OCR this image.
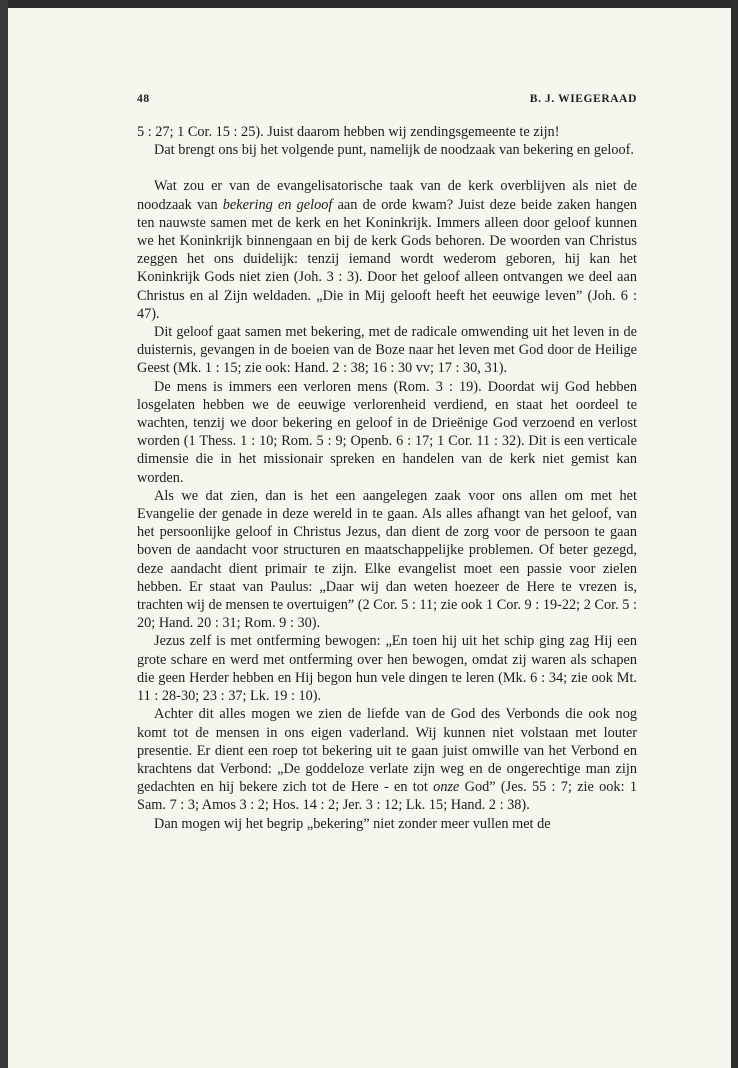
48	B. J. WIEGERAAD

5 : 27; 1 Cor. 15 : 25). Juist daarom hebben wij zendingsgemeente te zijn!

Dat brengt ons bij het volgende punt, namelijk de noodzaak van bekering en geloof.

Wat zou er van de evangelisatorische taak van de kerk overblijven als niet de noodzaak van bekering en geloof aan de orde kwam? Juist deze beide zaken hangen ten nauwste samen met de kerk en het Koninkrijk. Immers alleen door geloof kunnen we het Koninkrijk binnengaan en bij de kerk Gods behoren. De woorden van Christus zeggen het ons duidelijk: tenzij iemand wordt wederom geboren, hij kan het Koninkrijk Gods niet zien (Joh. 3 : 3). Door het geloof alleen ontvangen we deel aan Christus en al Zijn weldaden. „Die in Mij gelooft heeft het eeuwige leven” (Joh. 6 : 47).

Dit geloof gaat samen met bekering, met de radicale omwending uit het leven in de duisternis, gevangen in de boeien van de Boze naar het leven met God door de Heilige Geest (Mk. 1 : 15; zie ook: Hand. 2 : 38; 16 : 30 vv; 17 : 30, 31).

De mens is immers een verloren mens (Rom. 3 : 19). Doordat wij God hebben losgelaten hebben we de eeuwige verlorenheid verdiend, en staat het oordeel te wachten, tenzij we door bekering en geloof in de Drieënige God verzoend en verlost worden (1 Thess. 1 : 10; Rom. 5 : 9; Openb. 6 : 17; 1 Cor. 11 : 32). Dit is een verticale dimensie die in het missionair spreken en handelen van de kerk niet gemist kan worden.

Als we dat zien, dan is het een aangelegen zaak voor ons allen om met het Evangelie der genade in deze wereld in te gaan. Als alles afhangt van het geloof, van het persoonlijke geloof in Christus Jezus, dan dient de zorg voor de persoon te gaan boven de aandacht voor structuren en maatschappelijke problemen. Of beter gezegd, deze aandacht dient primair te zijn. Elke evangelist moet een passie voor zielen hebben. Er staat van Paulus: „Daar wij dan weten hoezeer de Here te vrezen is, trachten wij de mensen te overtuigen” (2 Cor. 5 : 11; zie ook 1 Cor. 9 : 19-22; 2 Cor. 5 : 20; Hand. 20 : 31; Rom. 9 : 30).

Jezus zelf is met ontferming bewogen: „En toen hij uit het schip ging zag Hij een grote schare en werd met ontferming over hen bewogen, omdat zij waren als schapen die geen Herder hebben en Hij begon hun vele dingen te leren (Mk. 6 : 34; zie ook Mt. 11 : 28-30; 23 : 37; Lk. 19 : 10).

Achter dit alles mogen we zien de liefde van de God des Verbonds die ook nog komt tot de mensen in ons eigen vaderland. Wij kunnen niet volstaan met louter presentie. Er dient een roep tot bekering uit te gaan juist omwille van het Verbond en krachtens dat Verbond: „De goddeloze verlate zijn weg en de ongerechtige man zijn gedachten en hij bekere zich tot de Here - en tot onze God” (Jes. 55 : 7; zie ook: 1 Sam. 7 : 3; Amos 3 : 2; Hos. 14 : 2; Jer. 3 : 12; Lk. 15; Hand. 2 : 38).

Dan mogen wij het begrip „bekering” niet zonder meer vullen met de
